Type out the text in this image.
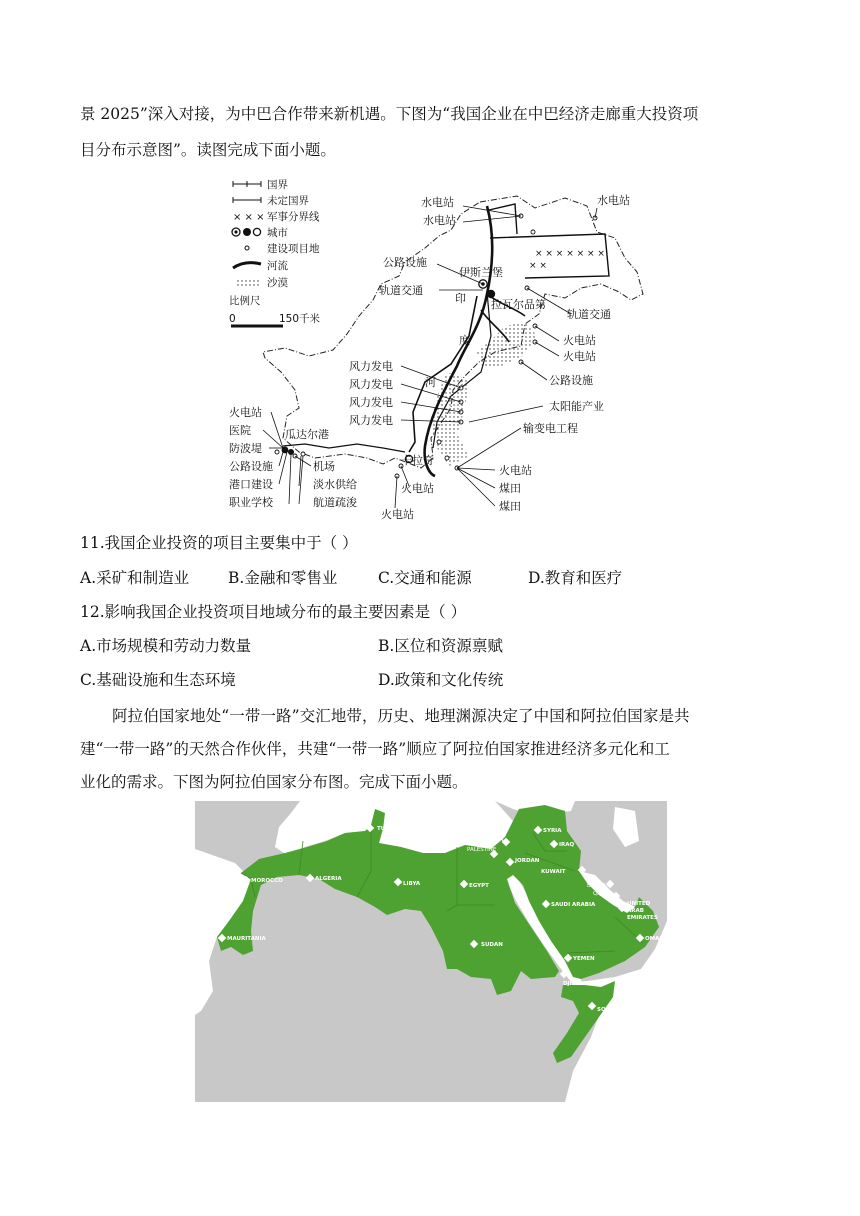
景 2025”深入对接，为中巴合作带来新机遇。下图为“我国企业在中巴经济走廊重大投资项
目分布示意图”。读图完成下面小题。
国界
未定国界
× × × 军事分界线
城市
建设项目地
河流
沙漠
比例尺
0	150千米
× × × × × × ×
× ×
水电站
水电站
水电站
公路设施
伊斯兰堡
轨道交通
印 拉瓦尔品第
轨道交通
度	火电站
火电站
风力发电
风力发电	河	公路设施
风力发电	太阳能产业
风力发电
输变电工程
火电站
瓜达尔港
医院
防波堤
卡拉奇
火电站
公路设施	机场
火电站	煤田
港口建设	淡水供给
煤田
职业学校	航道疏浚
火电站
11.我国企业投资的项目主要集中于（ ）
A.采矿和制造业	B.金融和零售业	C.交通和能源	D.教育和医疗
12.影响我国企业投资项目地域分布的最主要因素是（ ）
A.市场规模和劳动力数量	B.区位和资源禀赋
C.基础设施和生态环境	D.政策和文化传统
阿拉伯国家地处“一带一路”交汇地带，历史、地理渊源决定了中国和阿拉伯国家是共
建“一带一路”的天然合作伙伴，共建“一带一路”顺应了阿拉伯国家推进经济多元化和工
业化的需求。下图为阿拉伯国家分布图。完成下面小题。
TUNISIA
LEBANON
PALESTINE
SYRIA
IRAQ
JORDAN
KUWAIT
MOROCCO	ALGERIA
LIBYA	EGYPT	BAHRAIN
QATAR
SAUDI ARABIA	UNITED
ARAB
EMIRATES
MAURITANIA
SUDAN
OMAN
YEMEN
DJIBOUTI
SOMALIA
